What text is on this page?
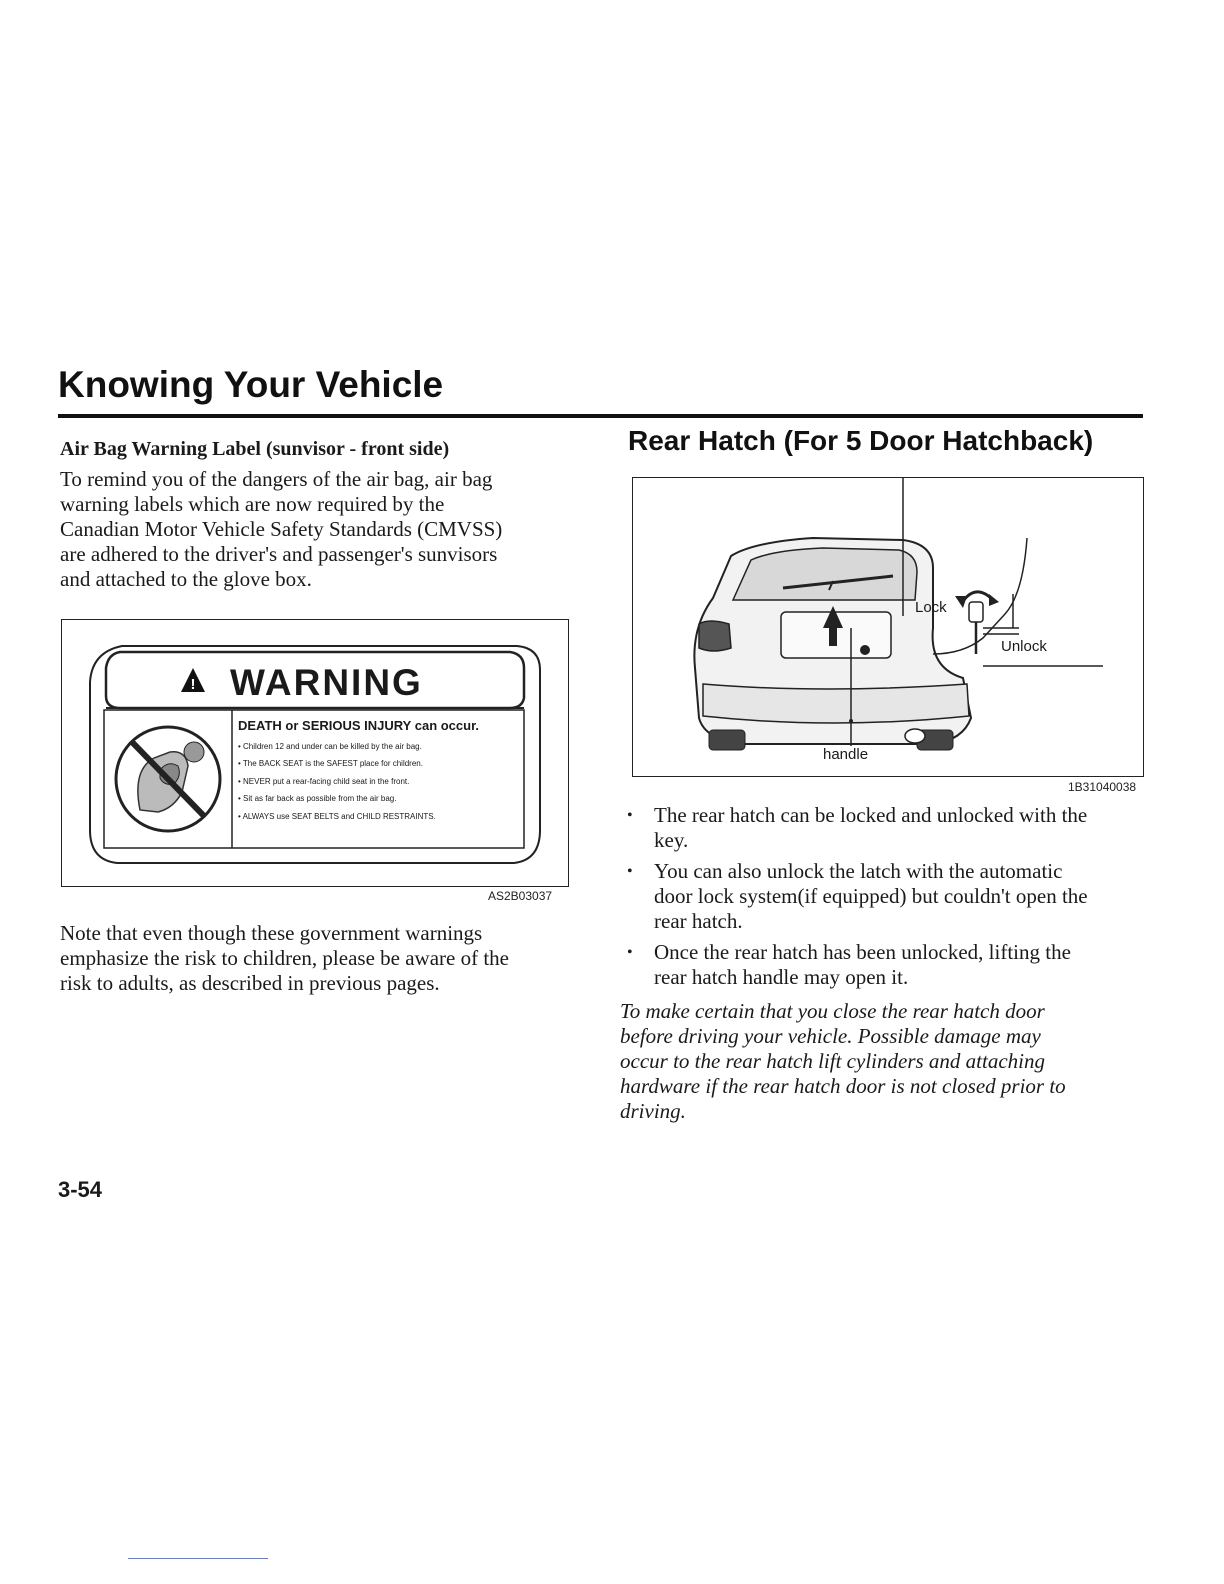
Knowing Your Vehicle
Air Bag Warning Label (sunvisor - front side)
To remind you of the dangers of the air bag, air bag
warning labels which are now required by the
Canadian Motor Vehicle Safety Standards (CMVSS)
are adhered to the driver's and passenger's sunvisors
and attached to the glove box.
! WARNING
DEATH or SERIOUS INJURY can occur.
• Children 12 and under can be killed by the air bag.
• The BACK SEAT is the SAFEST place for children.
• NEVER put a rear-facing child seat in the front.
• Sit as far back as possible from the air bag.
• ALWAYS use SEAT BELTS and CHILD RESTRAINTS.
AS2B03037
Note that even though these government warnings
emphasize the risk to children, please be aware of the
risk to adults, as described in previous pages.
Rear Hatch (For 5 Door Hatchback)
Lock
Unlock
handle
1B31040038
• The rear hatch can be locked and unlocked with the
key.
• You can also unlock the latch with the automatic
door lock system(if equipped) but couldn't open the
rear hatch.
• Once the rear hatch has been unlocked, lifting the
rear hatch handle may open it.
To make certain that you close the rear hatch door
before driving your vehicle. Possible damage may
occur to the rear hatch lift cylinders and attaching
hardware if the rear hatch door is not closed prior to
driving.
3-54
